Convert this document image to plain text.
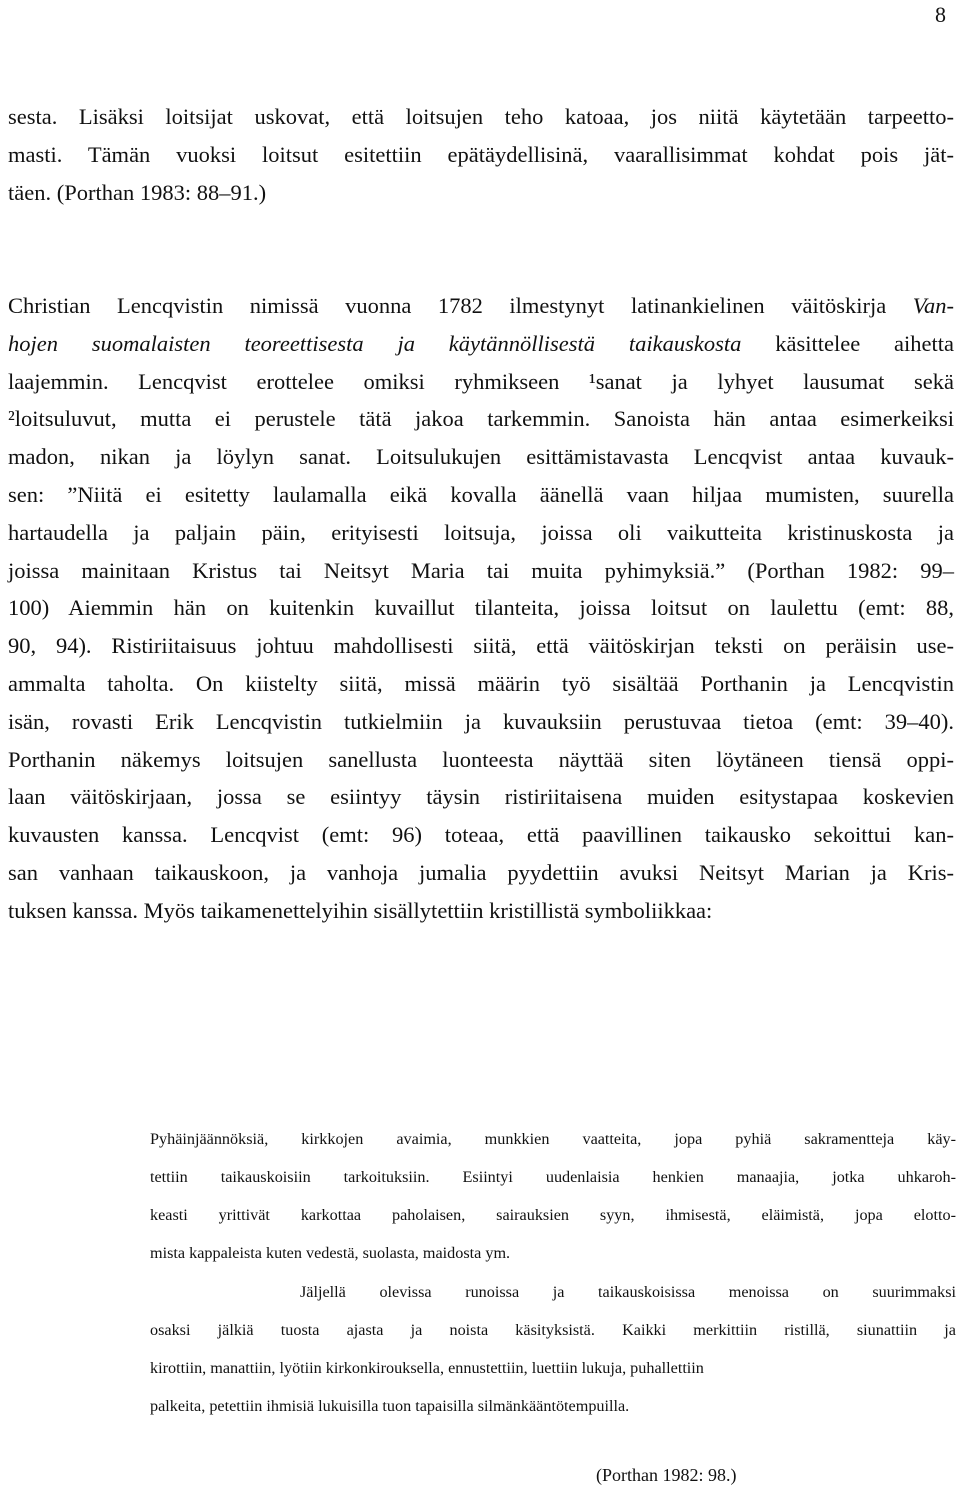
8

sesta. Lisäksi loitsijat uskovat, että loitsujen teho katoaa, jos niitä käytetään tarpeetto-
masti. Tämän vuoksi loitsut esitettiin epätäydellisinä, vaarallisimmat kohdat pois jät-
täen. (Porthan 1983: 88–91.)

Christian Lencqvistin nimissä vuonna 1782 ilmestynyt latinankielinen väitöskirja Van-
hojen suomalaisten teoreettisesta ja käytännöllisestä taikauskosta käsittelee aihetta
laajemmin. Lencqvist erottelee omiksi ryhmikseen ¹sanat ja lyhyet lausumat sekä
²loitsuluvut, mutta ei perustele tätä jakoa tarkemmin. Sanoista hän antaa esimerkeiksi
madon, nikan ja löylyn sanat. Loitsulukujen esittämistavasta Lencqvist antaa kuvauk-
sen: ”Niitä ei esitetty laulamalla eikä kovalla äänellä vaan hiljaa mumisten, suurella
hartaudella ja paljain päin, erityisesti loitsuja, joissa oli vaikutteita kristinuskosta ja
joissa mainitaan Kristus tai Neitsyt Maria tai muita pyhimyksiä.” (Porthan 1982: 99–
100) Aiemmin hän on kuitenkin kuvaillut tilanteita, joissa loitsut on laulettu (emt: 88,
90, 94). Ristiriitaisuus johtuu mahdollisesti siitä, että väitöskirjan teksti on peräisin use-
ammalta taholta. On kiistelty siitä, missä määrin työ sisältää Porthanin ja Lencqvistin
isän, rovasti Erik Lencqvistin tutkielmiin ja kuvauksiin perustuvaa tietoa (emt: 39–40).
Porthanin näkemys loitsujen sanellusta luonteesta näyttää siten löytäneen tiensä oppi-
laan väitöskirjaan, jossa se esiintyy täysin ristiriitaisena muiden esitystapaa koskevien
kuvausten kanssa. Lencqvist (emt: 96) toteaa, että paavillinen taikausko sekoittui kan-
san vanhaan taikauskoon, ja vanhoja jumalia pyydettiin avuksi Neitsyt Marian ja Kris-
tuksen kanssa. Myös taikamenettelyihin sisällytettiin kristillistä symboliikkaa:

Pyhäinjäännöksiä, kirkkojen avaimia, munkkien vaatteita, jopa pyhiä sakramentteja käy-
tettiin taikauskoisiin tarkoituksiin. Esiintyi uudenlaisia henkien manaajia, jotka uhkaroh-
keasti yrittivät karkottaa paholaisen, sairauksien syyn, ihmisestä, eläimistä, jopa elotto-
mista kappaleista kuten vedestä, suolasta, maidosta ym.
Jäljellä olevissa runoissa ja taikauskoisissa menoissa on suurimmaksi
osaksi jälkiä tuosta ajasta ja noista käsityksistä. Kaikki merkittiin ristillä, siunattiin ja
kirottiin, manattiin, lyötiin kirkonkirouksella, ennustettiin, luettiin lukuja, puhallettiin
palkeita, petettiin ihmisiä lukuisilla tuon tapaisilla silmänkääntötempuilla.
(Porthan 1982: 98.)
